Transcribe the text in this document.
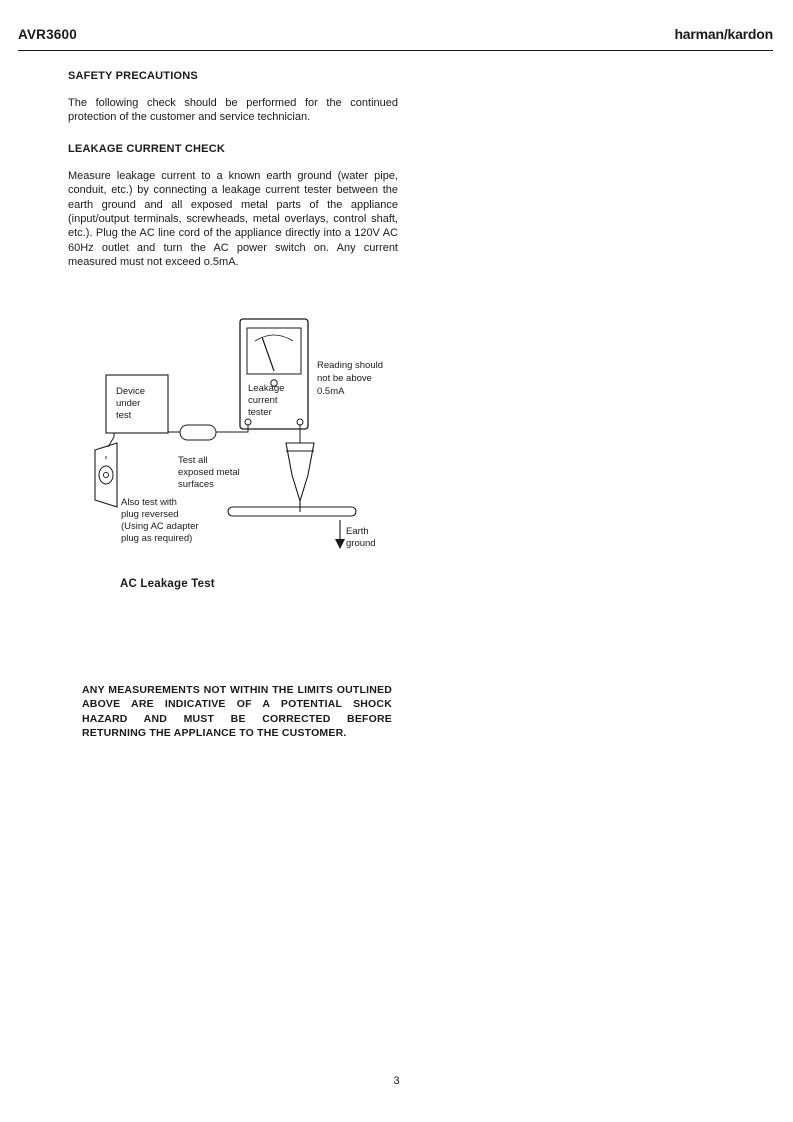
AVR3600	harman/kardon
SAFETY PRECAUTIONS

The following check should be performed for the continued protection of the customer and service technician.

LEAKAGE CURRENT CHECK

Measure leakage current to a known earth ground (water pipe, conduit, etc.) by connecting a leakage current tester between the earth ground and all exposed metal parts of the appliance (input/output terminals, screwheads, metal overlays, control shaft, etc.). Plug the AC line cord of the appliance directly into a 120V AC 60Hz outlet and turn the AC power switch on. Any current measured must not exceed o.5mA.

Device
under
test
Leakage
current
tester
Reading should
not be above
0.5mA
Test all
exposed metal
surfaces
Also test with
plug reversed
(Using AC adapter
plug as required)
Earth
ground
AC Leakage Test

ANY MEASUREMENTS NOT WITHIN THE LIMITS OUTLINED ABOVE ARE INDICATIVE OF A POTENTIAL SHOCK HAZARD AND MUST BE CORRECTED BEFORE RETURNING THE APPLIANCE TO THE CUSTOMER.

3
